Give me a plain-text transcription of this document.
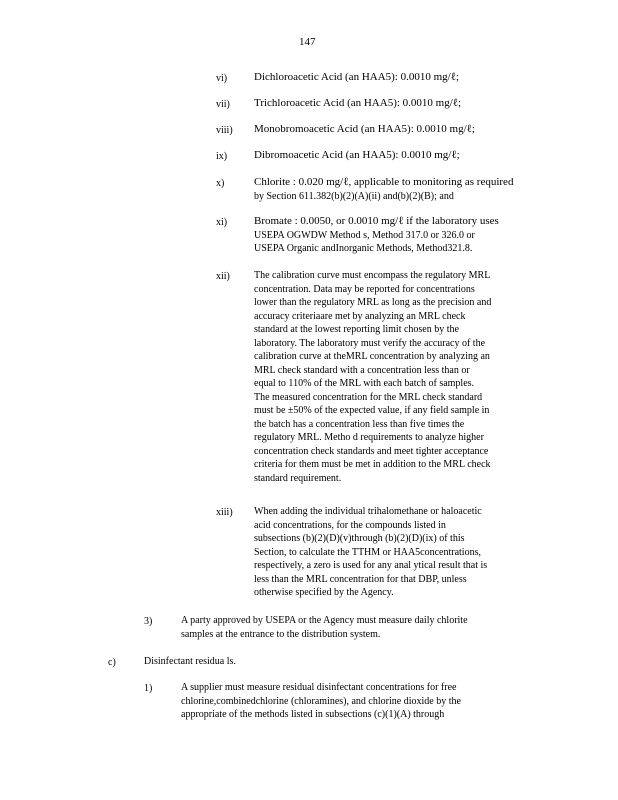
147
vi) Dichloroacetic Acid (an HAA5): 0.0010 mg/ℓ;
vii) Trichloroacetic Acid (an HAA5): 0.0010 mg/ℓ;
viii) Monobromoacetic Acid (an HAA5): 0.0010 mg/ℓ;
ix) Dibromoacetic Acid (an HAA5): 0.0010 mg/ℓ;
x)	Chlorite : 0.020 mg/ℓ, applicable to monitoring as required
by Section 611.382(b)(2)(A)(ii) and(b)(2)(B); and
xi) Bromate : 0.0050, or 0.0010 mg/ℓ if the laboratory uses
USEPA OGWDW Method s, Method 317.0 or 326.0 or
USEPA Organic andInorganic Methods, Method321.8.
xii) The calibration curve must encompass the regulatory MRL
concentration. Data may be reported for concentrations
lower than the regulatory MRL as long as the precision and
accuracy criteriaare met by analyzing an MRL check
standard at the lowest reporting limit chosen by the
laboratory. The laboratory must verify the accuracy of the
calibration curve at theMRL concentration by analyzing an
MRL check standard with a concentration less than or
equal to 110% of the MRL with each batch of samples.
The measured concentration for the MRL check standard
must be ±50% of the expected value, if any field sample in
the batch has a concentration less than five times the
regulatory MRL. Metho d requirements to analyze higher
concentration check standards and meet tighter acceptance
criteria for them must be met in addition to the MRL check
standard requirement.
xiii) When adding the individual trihalomethane or haloacetic
acid concentrations, for the compounds listed in
subsections (b)(2)(D)(v)through (b)(2)(D)(ix) of this
Section, to calculate the TTHM or HAA5concentrations,
respectively, a zero is used for any anal ytical result that is
less than the MRL concentration for that DBP, unless
otherwise specified by the Agency.
3)	A party approved by USEPA or the Agency must measure daily chlorite
samples at the entrance to the distribution system.
c)	Disinfectant residua ls.
1)	A supplier must measure residual disinfectant concentrations for free
chlorine,combinedchlorine (chloramines), and chlorine dioxide by the
appropriate of the methods listed in subsections (c)(1)(A) through
